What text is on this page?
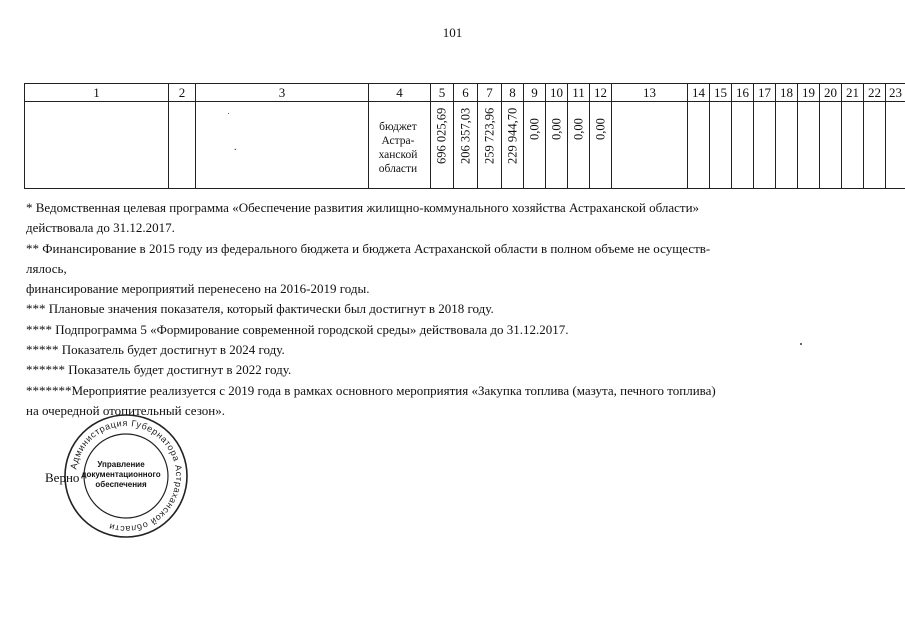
101
1	2	3	4	5	6	7	8	9	10	11	12	13	14	15	16	17	18	19	20	21	22	23
		.	бюджет
Астра-
ханской
области	696 025,69	206 357,03	259 723,96	229 944,70	0,00	0,00	0,00	0,00											

* Ведомственная целевая программа «Обеспечение развития жилищно-коммунального хозяйства Астраханской области»

действовала до 31.12.2017.

** Финансирование в 2015 году из федерального бюджета и бюджета Астраханской области в полном объеме не осуществ-

лялось,

финансирование мероприятий перенесено на 2016-2019 годы.

*** Плановые значения показателя, который фактически был достигнут в 2018 году.

**** Подпрограмма 5 «Формирование современной городской среды» действовала до 31.12.2017.

***** Показатель будет достигнут в 2024 году.

****** Показатель будет достигнут в 2022 году.

*******Мероприятие реализуется с 2019 года в рамках основного мероприятия «Закупка топлива (мазута, печного топлива)

на очередной отопительный сезон».

Администрация Губернатора Астраханской области
Управление
документационного
обеспечения
Верно
